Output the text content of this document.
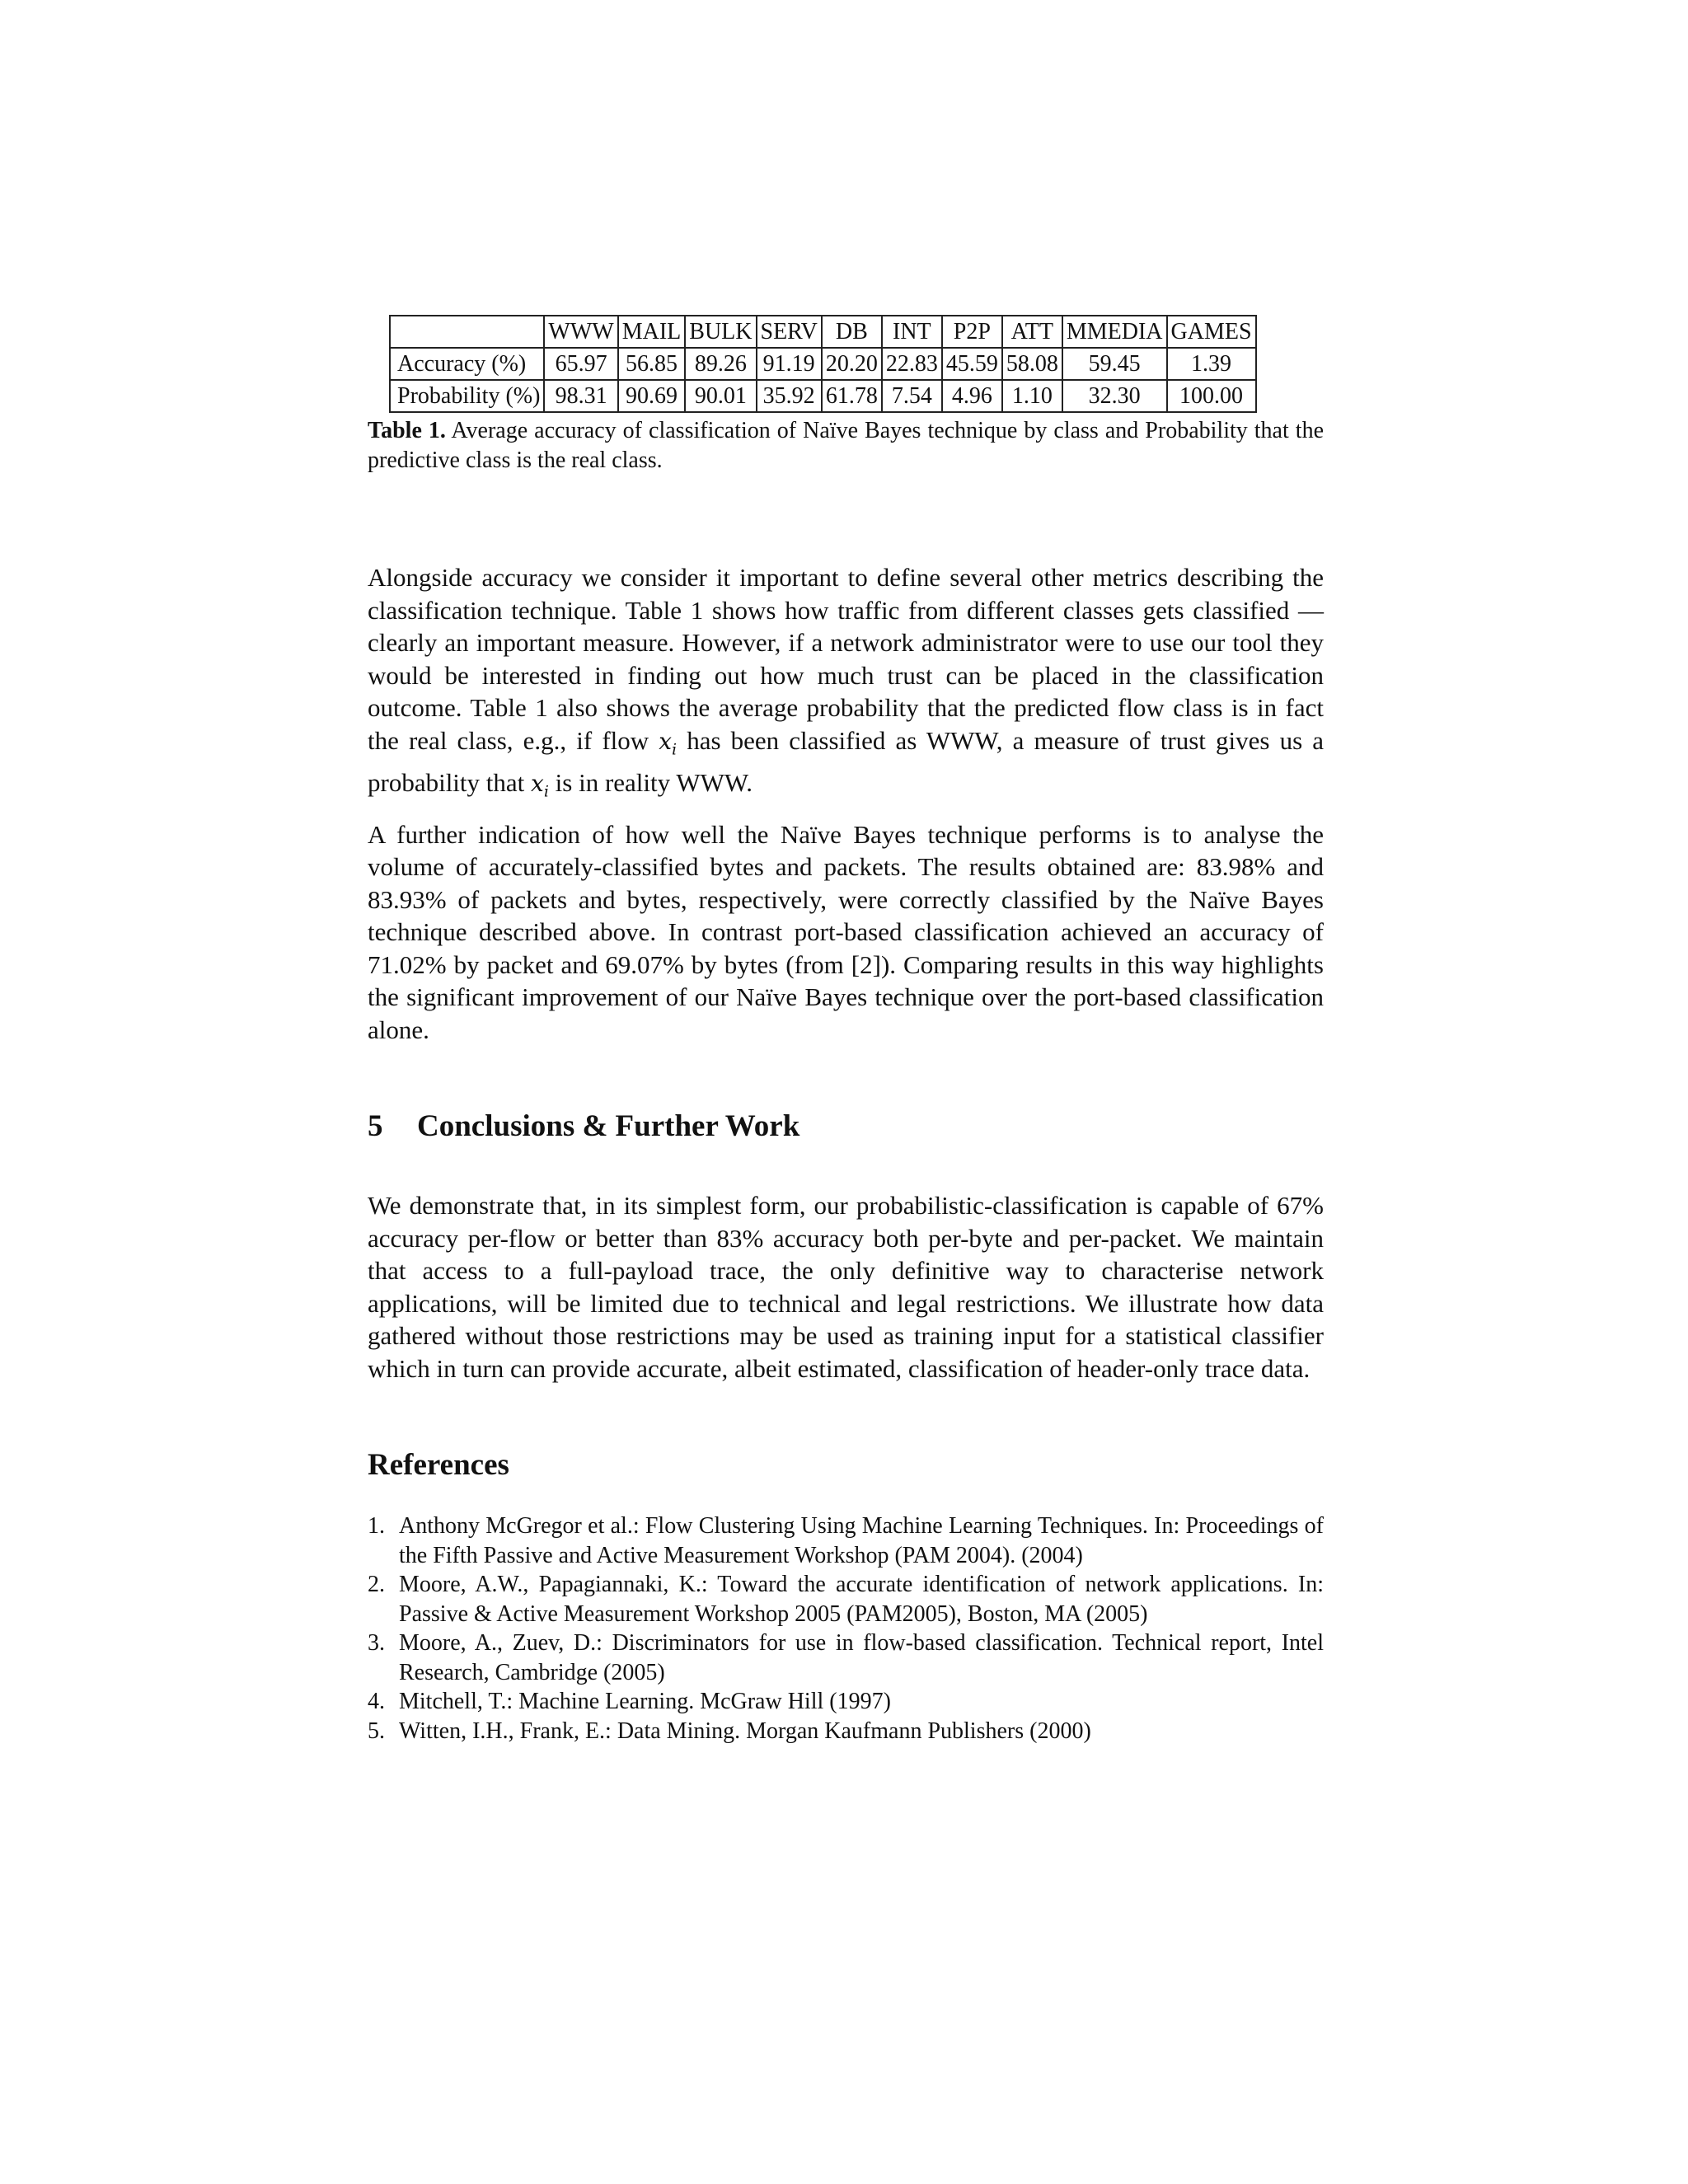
	WWW	MAIL	BULK	SERV	DB	INT	P2P	ATT	MMEDIA	GAMES
Accuracy (%)	65.97	56.85	89.26	91.19	20.20	22.83	45.59	58.08	59.45	1.39
Probability (%)	98.31	90.69	90.01	35.92	61.78	7.54	4.96	1.10	32.30	100.00
Table 1. Average accuracy of classification of Naïve Bayes technique by class and Probability that the predictive class is the real class.

Alongside accuracy we consider it important to define several other metrics describing the classification technique. Table 1 shows how traffic from different classes gets classified — clearly an important measure. However, if a network administrator were to use our tool they would be interested in finding out how much trust can be placed in the classification outcome. Table 1 also shows the average probability that the predicted flow class is in fact the real class, e.g., if flow $x_i$ has been classified as WWW, a measure of trust gives us a probability that $x_i$ is in reality WWW.

A further indication of how well the Naïve Bayes technique performs is to analyse the volume of accurately-classified bytes and packets. The results obtained are: 83.98% and 83.93% of packets and bytes, respectively, were correctly classified by the Naïve Bayes technique described above. In contrast port-based classification achieved an accuracy of 71.02% by packet and 69.07% by bytes (from [2]). Comparing results in this way highlights the significant improvement of our Naïve Bayes technique over the port-based classification alone.

5 Conclusions & Further Work

We demonstrate that, in its simplest form, our probabilistic-classification is capable of 67% accuracy per-flow or better than 83% accuracy both per-byte and per-packet. We maintain that access to a full-payload trace, the only definitive way to characterise network applications, will be limited due to technical and legal restrictions. We illustrate how data gathered without those restrictions may be used as training input for a statistical classifier which in turn can provide accurate, albeit estimated, classification of header-only trace data.

References
1. Anthony McGregor et al.: Flow Clustering Using Machine Learning Techniques. In: Proceedings of the Fifth Passive and Active Measurement Workshop (PAM 2004). (2004)
2. Moore, A.W., Papagiannaki, K.: Toward the accurate identification of network applications. In: Passive & Active Measurement Workshop 2005 (PAM2005), Boston, MA (2005)
3. Moore, A., Zuev, D.: Discriminators for use in flow-based classification. Technical report, Intel Research, Cambridge (2005)
4. Mitchell, T.: Machine Learning. McGraw Hill (1997)
5. Witten, I.H., Frank, E.: Data Mining. Morgan Kaufmann Publishers (2000)
